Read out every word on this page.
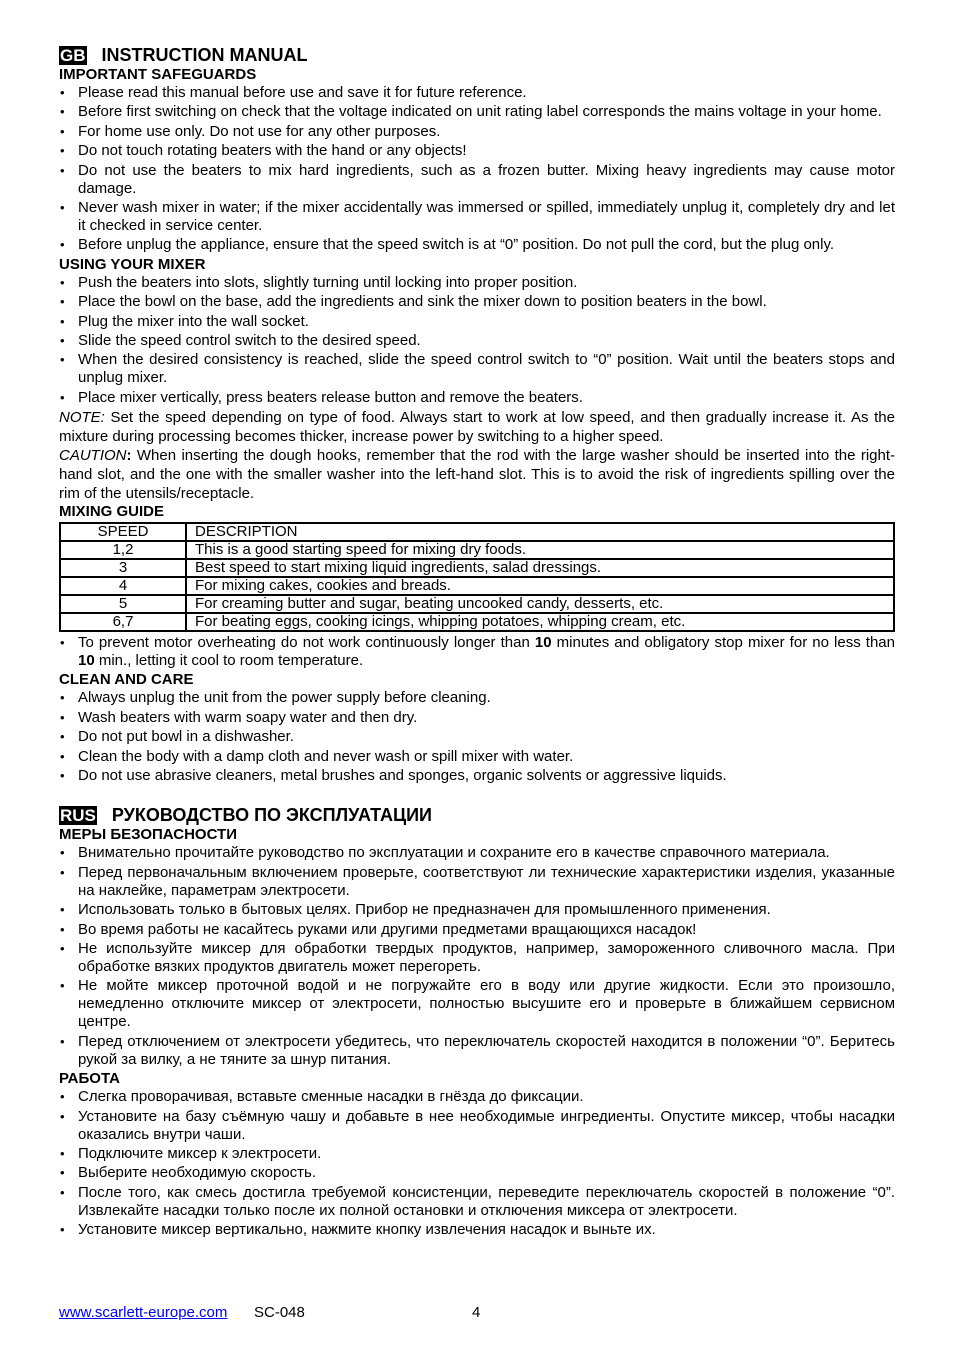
GB INSTRUCTION MANUAL
IMPORTANT SAFEGUARDS
• Please read this manual before use and save it for future reference.
• Before first switching on check that the voltage indicated on unit rating label corresponds the mains voltage in your home.
• For home use only. Do not use for any other purposes.
• Do not touch rotating beaters with the hand or any objects!
• Do not use the beaters to mix hard ingredients, such as a frozen butter. Mixing heavy ingredients may cause motor damage.
• Never wash mixer in water; if the mixer accidentally was immersed or spilled, immediately unplug it, completely dry and let it checked in service center.
• Before unplug the appliance, ensure that the speed switch is at “0” position. Do not pull the cord, but the plug only.
USING YOUR MIXER
• Push the beaters into slots, slightly turning until locking into proper position.
• Place the bowl on the base, add the ingredients and sink the mixer down to position beaters in the bowl.
• Plug the mixer into the wall socket.
• Slide the speed control switch to the desired speed.
• When the desired consistency is reached, slide the speed control switch to “0” position. Wait until the beaters stops and unplug mixer.
• Place mixer vertically, press beaters release button and remove the beaters.

NOTE: Set the speed depending on type of food. Always start to work at low speed, and then gradually increase it. As the mixture during processing becomes thicker, increase power by switching to a higher speed.

CAUTION: When inserting the dough hooks, remember that the rod with the large washer should be inserted into the right-hand slot, and the one with the smaller washer into the left-hand slot. This is to avoid the risk of ingredients spilling over the rim of the utensils/receptacle.

MIXING GUIDE
SPEED	DESCRIPTION
1,2	This is a good starting speed for mixing dry foods.
3	Best speed to start mixing liquid ingredients, salad dressings.
4	For mixing cakes, cookies and breads.
5	For creaming butter and sugar, beating uncooked candy, desserts, etc.
6,7	For beating eggs, cooking icings, whipping potatoes, whipping cream, etc.
• To prevent motor overheating do not work continuously longer than 10 minutes and obligatory stop mixer for no less than 10 min., letting it cool to room temperature.
CLEAN AND CARE
• Always unplug the unit from the power supply before cleaning.
• Wash beaters with warm soapy water and then dry.
• Do not put bowl in a dishwasher.
• Clean the body with a damp cloth and never wash or spill mixer with water.
• Do not use abrasive cleaners, metal brushes and sponges, organic solvents or aggressive liquids.
RUS РУКОВОДСТВО ПО ЭКСПЛУАТАЦИИ
МЕРЫ БЕЗОПАСНОСТИ
• Внимательно прочитайте руководство по эксплуатации и сохраните его в качестве справочного материала.
• Перед первоначальным включением проверьте, соответствуют ли технические характеристики изделия, указанные на наклейке, параметрам электросети.
• Использовать только в бытовых целях. Прибор не предназначен для промышленного применения.
• Во время работы не касайтесь руками или другими предметами вращающихся насадок!
• Не используйте миксер для обработки твердых продуктов, например, замороженного сливочного масла. При обработке вязких продуктов двигатель может перегореть.
• Не мойте миксер проточной водой и не погружайте его в воду или другие жидкости. Если это произошло, немедленно отключите миксер от электросети, полностью высушите его и проверьте в ближайшем сервисном центре.
• Перед отключением от электросети убедитесь, что переключатель скоростей находится в положении “0”. Беритесь рукой за вилку, а не тяните за шнур питания.
РАБОТА
• Слегка проворачивая, вставьте сменные насадки в гнёзда до фиксации.
• Установите на базу съёмную чашу и добавьте в нее необходимые ингредиенты. Опустите миксер, чтобы насадки оказались внутри чаши.
• Подключите миксер к электросети.
• Выберите необходимую скорость.
• После того, как смесь достигла требуемой консистенции, переведите переключатель скоростей в положение “0”. Извлекайте насадки только после их полной остановки и отключения миксера от электросети.
• Установите миксер вертикально, нажмите кнопку извлечения насадок и выньте их.
www.scarlett-europe.com SC-048	4
